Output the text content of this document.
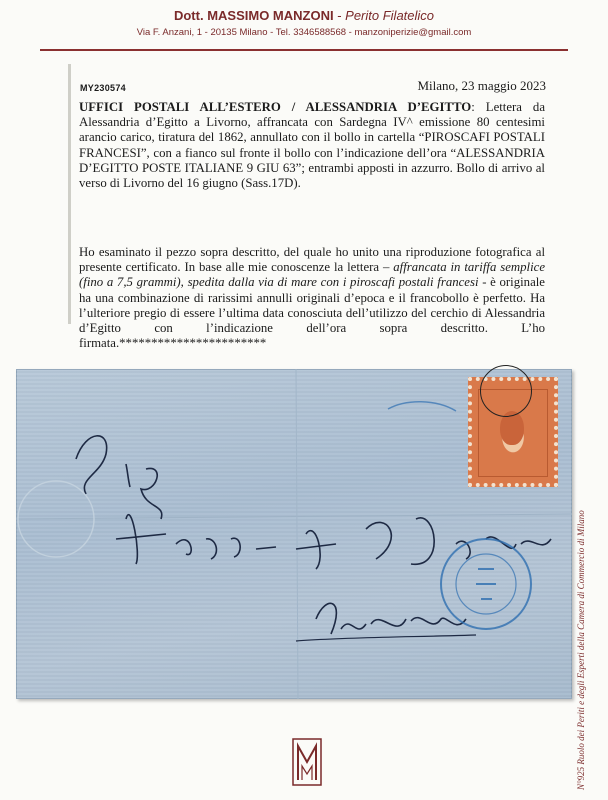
Dott. MASSIMO MANZONI - Perito Filatelico
Via F. Anzani, 1 - 20135 Milano - Tel. 3346588568 - manzoniperizie@gmail.com
MY230574	Milano, 23 maggio 2023
UFFICI POSTALI ALL’ESTERO / ALESSANDRIA D’EGITTO: Lettera da Alessandria d’Egitto a Livorno, affrancata con Sardegna IV^ emissione 80 centesimi arancio carico, tiratura del 1862, annullato con il bollo in cartella “PIROSCAFI POSTALI FRANCESI”, con a fianco sul fronte il bollo con l’indicazione dell’ora “ALESSANDRIA D’EGITTO POSTE ITALIANE 9 GIU 63”; entrambi apposti in azzurro. Bollo di arrivo al verso di Livorno del 16 giugno (Sass.17D).
Ho esaminato il pezzo sopra descritto, del quale ho unito una riproduzione fotografica al presente certificato. In base alle mie conoscenze la lettera – affrancata in tariffa semplice (fino a 7,5 grammi), spedita dalla via di mare con i piroscafi postali francesi - è originale ha una combinazione di rarissimi annulli originali d’epoca e il francobollo è perfetto. Ha l’ulteriore pregio di essere l’ultima data conosciuta dell’utilizzo del cerchio di Alessandria d’Egitto con l’indicazione dell’ora sopra descritto. L’ho firmata.***********************
N°925 Ruolo dei Periti e degli Esperti della Camera di Commercio di Milano
